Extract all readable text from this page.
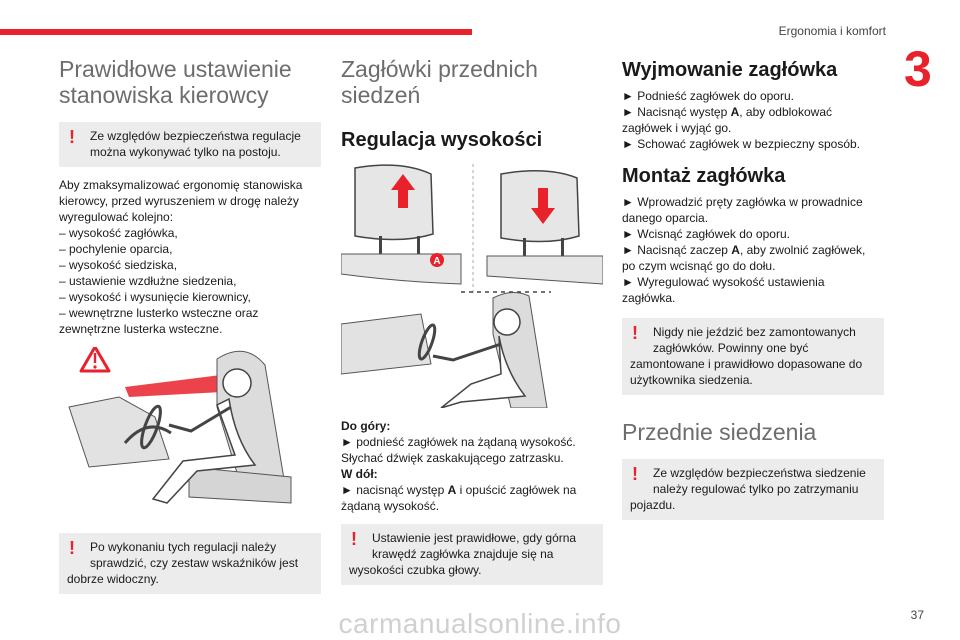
Ergonomia i komfort
3
Prawidłowe ustawienie
stanowiska kierowcy
!	Ze względów bezpieczeństwa regulacje
można wykonywać tylko na postoju.
Aby zmaksymalizować ergonomię stanowiska
kierowcy, przed wyruszeniem w drogę należy
wyregulować kolejno:
– wysokość zagłówka,
– pochylenie oparcia,
– wysokość siedziska,
– ustawienie wzdłużne siedzenia,
– wysokość i wysunięcie kierownicy,
– wewnętrzne lusterko wsteczne oraz
zewnętrzne lusterka wsteczne.
!	Po wykonaniu tych regulacji należy
sprawdzić, czy zestaw wskaźników jest
dobrze widoczny.
Zagłówki przednich
siedzeń
Regulacja wysokości
A
Do góry:
► podnieść zagłówek na żądaną wysokość.
Słychać dźwięk zaskakującego zatrzasku.
W dół:
► nacisnąć występ A i opuścić zagłówek na
żądaną wysokość.
!	Ustawienie jest prawidłowe, gdy górna
krawędź zagłówka znajduje się na
wysokości czubka głowy.
Wyjmowanie zagłówka
► Podnieść zagłówek do oporu.
► Nacisnąć występ A, aby odblokować
zagłówek i wyjąć go.
► Schować zagłówek w bezpieczny sposób.
Montaż zagłówka
► Wprowadzić pręty zagłówka w prowadnice
danego oparcia.
► Wcisnąć zagłówek do oporu.
► Nacisnąć zaczep A, aby zwolnić zagłówek,
po czym wcisnąć go do dołu.
► Wyregulować wysokość ustawienia
zagłówka.
!	Nigdy nie jeździć bez zamontowanych
zagłówków. Powinny one być
zamontowane i prawidłowo dopasowane do
użytkownika siedzenia.
Przednie siedzenia
!	Ze względów bezpieczeństwa siedzenie
należy regulować tylko po zatrzymaniu
pojazdu.
carmanualsonline.info	37
